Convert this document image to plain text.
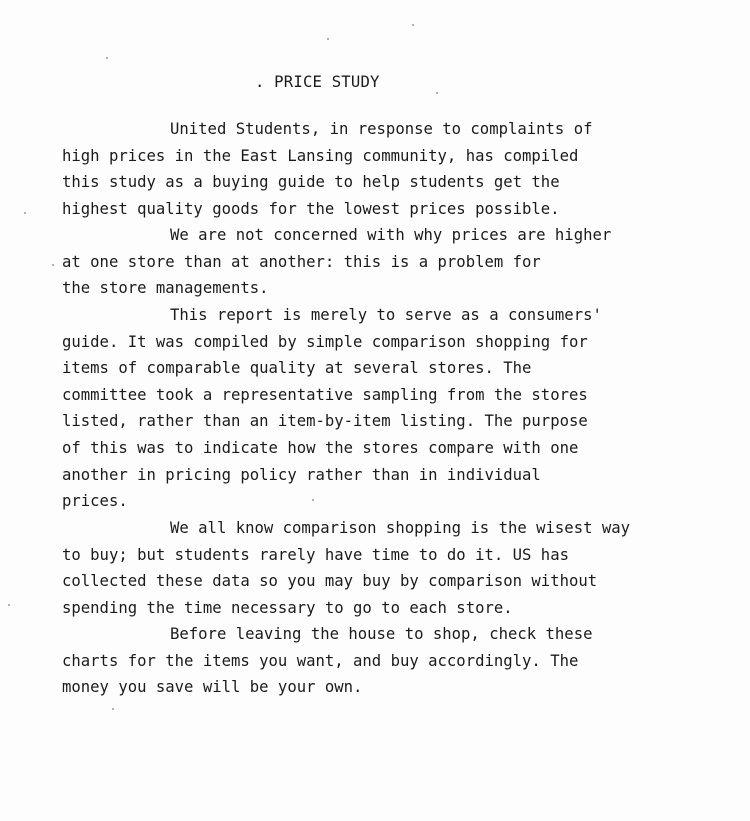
. PRICE STUDY
United Students, in response to complaints of
high prices in the East Lansing community, has compiled
this study as a buying guide to help students get the
highest quality goods for the lowest prices possible.
We are not concerned with why prices are higher
at one store than at another: this is a problem for
the store managements.
This report is merely to serve as a consumers'
guide. It was compiled by simple comparison shopping for
items of comparable quality at several stores. The
committee took a representative sampling from the stores
listed, rather than an item-by-item listing. The purpose
of this was to indicate how the stores compare with one
another in pricing policy rather than in individual
prices.
We all know comparison shopping is the wisest way
to buy; but students rarely have time to do it. US has
collected these data so you may buy by comparison without
spending the time necessary to go to each store.
Before leaving the house to shop, check these
charts for the items you want, and buy accordingly. The
money you save will be your own.
